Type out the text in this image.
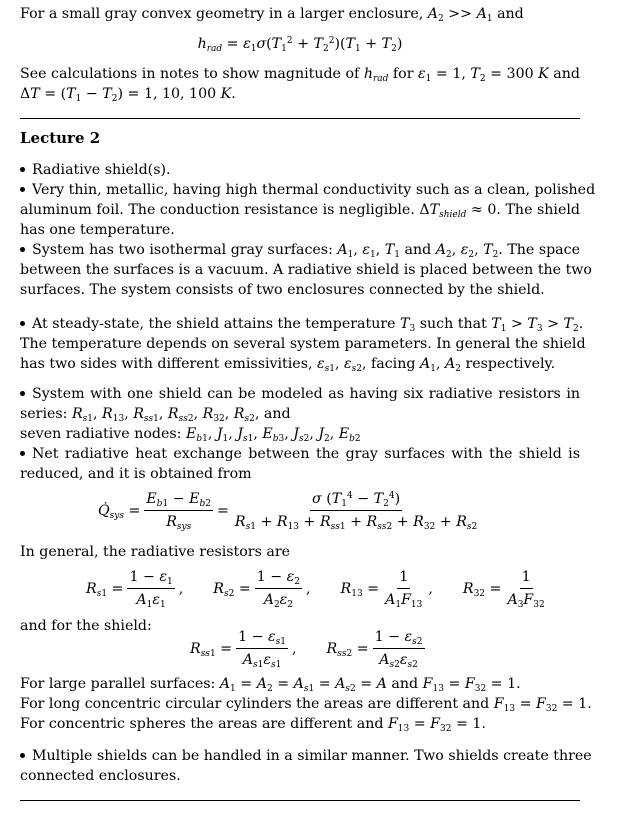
For a small gray convex geometry in a larger enclosure, $A_2 >> A_1$ and
$h_{rad} = \varepsilon_1\sigma(T_1^2 + T_2^2)(T_1 + T_2)$
See calculations in notes to show magnitude of $h_{rad}$ for $\varepsilon_1 = 1$, $T_2 = 300$ K and
$\Delta T = (T_1 - T_2) = 1$, 10, 100 K.
Lecture 2
Radiative shield(s).
Very thin, metallic, having high thermal conductivity such as a clean, polished
aluminum foil. The conduction resistance is negligible. $\Delta T_{shield} \approx 0$. The shield
has one temperature.
System has two isothermal gray surfaces: $A_1$, $\varepsilon_1$, $T_1$ and $A_2$, $\varepsilon_2$, $T_2$. The space
between the surfaces is a vacuum. A radiative shield is placed between the two
surfaces. The system consists of two enclosures connected by the shield.
At steady-state, the shield attains the temperature $T_3$ such that $T_1 > T_3 > T_2$.
The temperature depends on several system parameters. In general the shield
has two sides with different emissivities, $\varepsilon_{s1}$, $\varepsilon_{s2}$, facing $A_1$, $A_2$ respectively.
System with one shield can be modeled as having six radiative resistors in
series: $R_{s1}$, $R_{13}$, $R_{ss1}$, $R_{ss2}$, $R_{32}$, $R_{s2}$, and
seven radiative nodes: $E_{b1}$, $J_1$, $J_{s1}$, $E_{b3}$, $J_{s2}$, $J_2$, $E_{b2}$
Net radiative heat exchange between the gray surfaces with the shield is
reduced, and it is obtained from
$Q̇_{sys} = \frac{E_{b1} - E_{b2}}{R_{sys}} = \frac{\sigma (T_1^4 - T_2^4)}{R_{s1} + R_{13} + R_{ss1} + R_{ss2} + R_{32} + R_{s2}}$
In general, the radiative resistors are
$R_{s1} = \frac{1 - \varepsilon_1}{A_1\varepsilon_1}$ , $R_{s2} = \frac{1 - \varepsilon_2}{A_2\varepsilon_2}$ , $R_{13} = \frac{1}{A_1F_{13}}$ , $R_{32} = \frac{1}{A_3F_{32}}$
and for the shield:
$R_{ss1} = \frac{1 - \varepsilon_{s1}}{A_{s1}\varepsilon_{s1}}$ , $R_{ss2} = \frac{1 - \varepsilon_{s2}}{A_{s2}\varepsilon_{s2}}$
For large parallel surfaces: $A_1 = A_2 = A_{s1} = A_{s2} = A$ and $F_{13} = F_{32} = 1$.
For long concentric circular cylinders the areas are different and $F_{13} = F_{32} = 1$.
For concentric spheres the areas are different and $F_{13} = F_{32} = 1$.
Multiple shields can be handled in a similar manner. Two shields create three
connected enclosures.
